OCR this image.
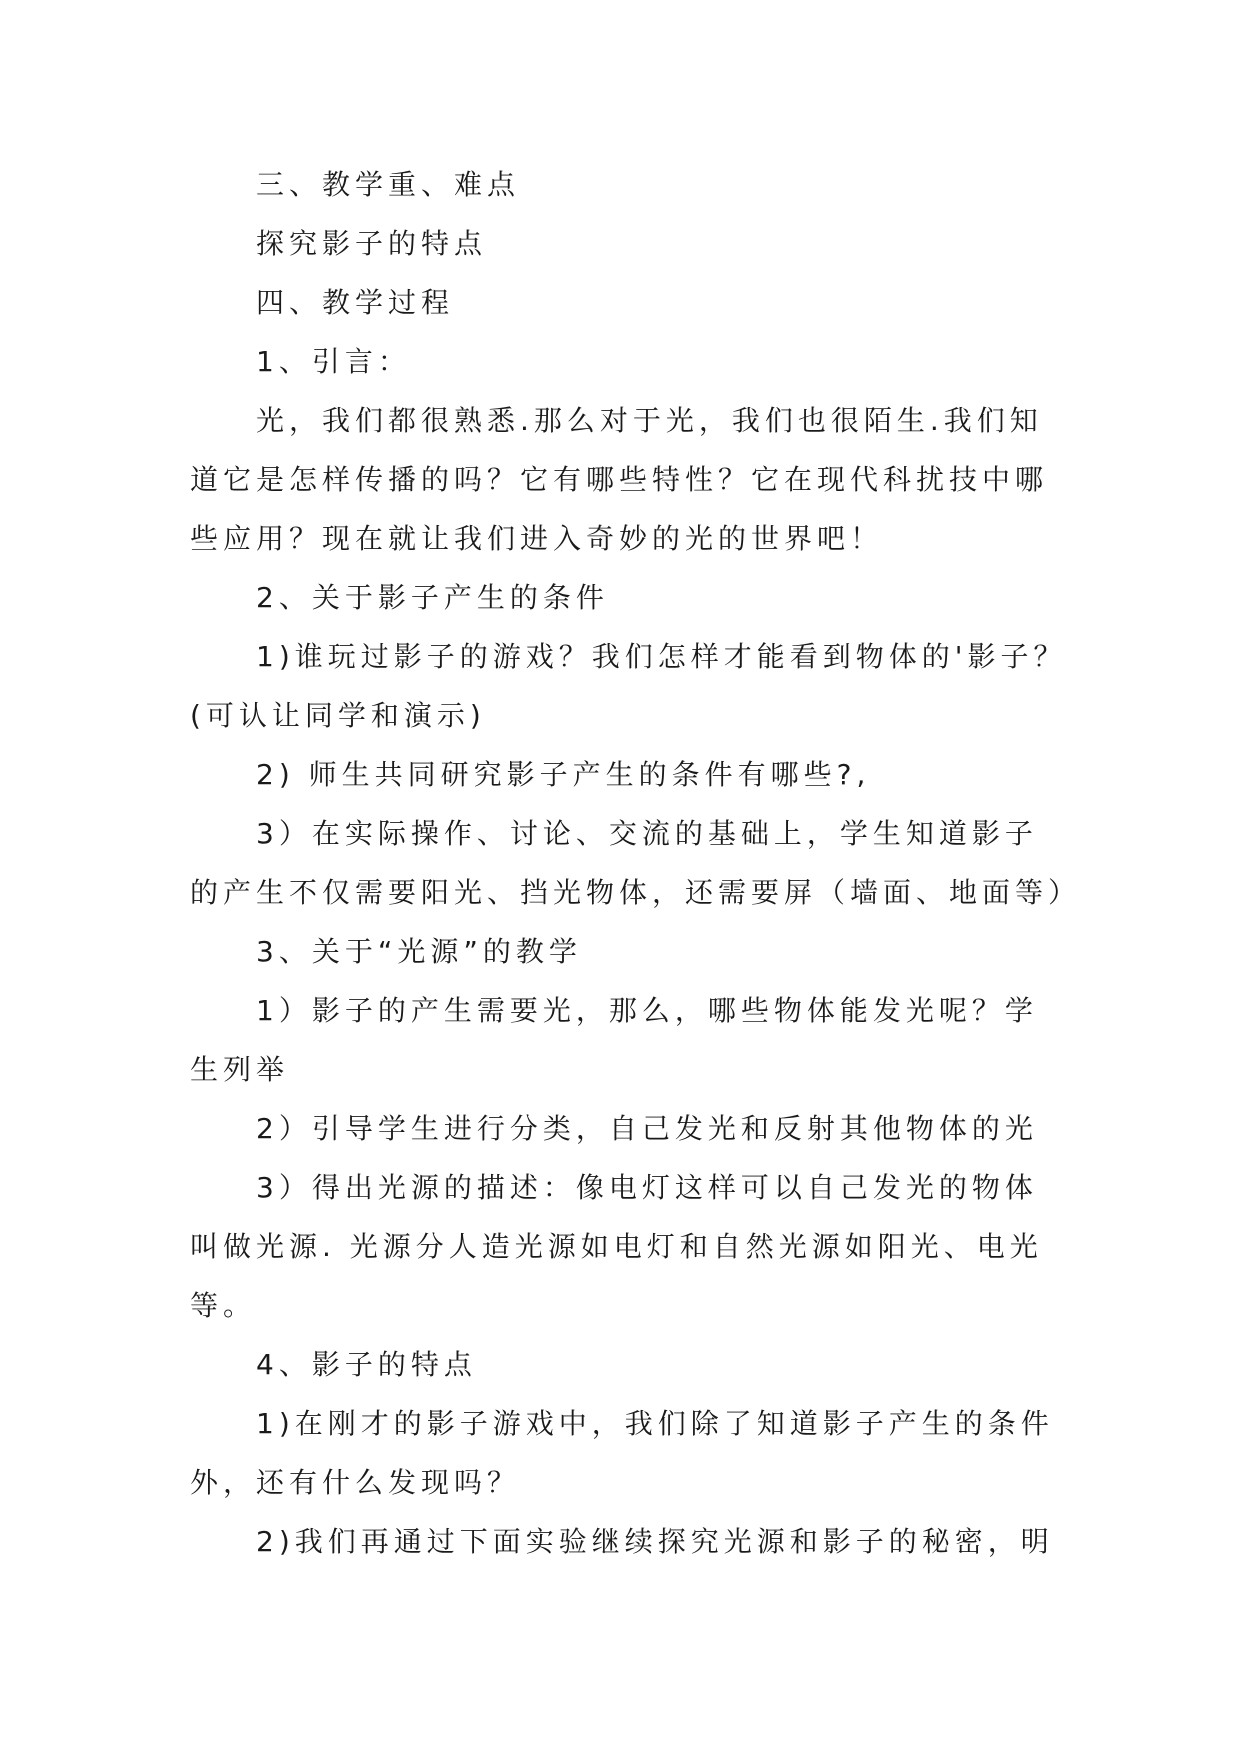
三、教学重、难点

探究影子的特点

四、教学过程

1、引言：

光，我们都很熟悉.那么对于光，我们也很陌生.我们知道它是怎样传播的吗？它有哪些特性？它在现代科扰技中哪些应用？现在就让我们进入奇妙的光的世界吧！

2、关于影子产生的条件

1)谁玩过影子的游戏？我们怎样才能看到物体的'影子？(可认让同学和演示)

2) 师生共同研究影子产生的条件有哪些?,

3）在实际操作、讨论、交流的基础上，学生知道影子的产生不仅需要阳光、挡光物体，还需要屏（墙面、地面等）

3、关于“光源”的教学

1）影子的产生需要光，那么，哪些物体能发光呢？学生列举

2）引导学生进行分类，自己发光和反射其他物体的光

3）得出光源的描述：像电灯这样可以自己发光的物体叫做光源. 光源分人造光源如电灯和自然光源如阳光、电光等。

4、影子的特点

1)在刚才的影子游戏中，我们除了知道影子产生的条件外，还有什么发现吗？

2)我们再通过下面实验继续探究光源和影子的秘密，明
